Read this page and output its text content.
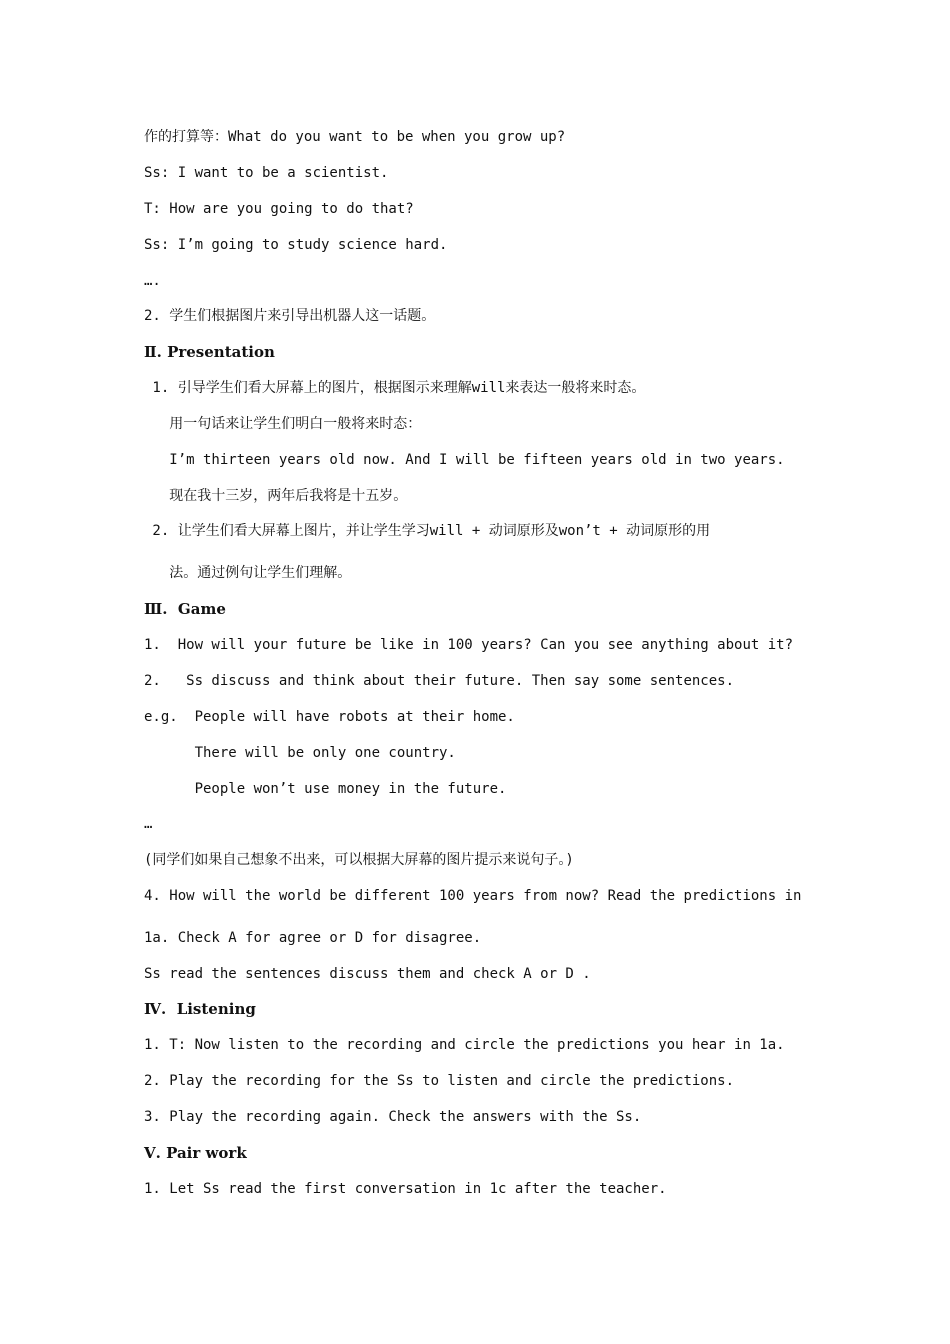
作的打算等：What do you want to be when you grow up?
Ss: I want to be a scientist.
T: How are you going to do that?
Ss: I’m going to study science hard.
….
2. 学生们根据图片来引导出机器人这一话题。
Ⅱ. Presentation
1. 引导学生们看大屏幕上的图片，根据图示来理解will来表达一般将来时态。
用一句话来让学生们明白一般将来时态：
I’m thirteen years old now. And I will be fifteen years old in two years.
现在我十三岁，两年后我将是十五岁。
2. 让学生们看大屏幕上图片，并让学生学习will + 动词原形及won’t + 动词原形的用
法。通过例句让学生们理解。
Ⅲ.  Game
1.  How will your future be like in 100 years? Can you see anything about it?
2.   Ss discuss and think about their future. Then say some sentences.
e.g.  People will have robots at their home.
There will be only one country.
People won’t use money in the future.
…
(同学们如果自己想象不出来，可以根据大屏幕的图片提示来说句子。)
4. How will the world be different 100 years from now? Read the predictions in
1a. Check A for agree or D for disagree.
Ss read the sentences discuss them and check A or D .
Ⅳ.  Listening
1. T: Now listen to the recording and circle the predictions you hear in 1a.
2. Play the recording for the Ss to listen and circle the predictions.
3. Play the recording again. Check the answers with the Ss.
Ⅴ. Pair work
1. Let Ss read the first conversation in 1c after the teacher.
